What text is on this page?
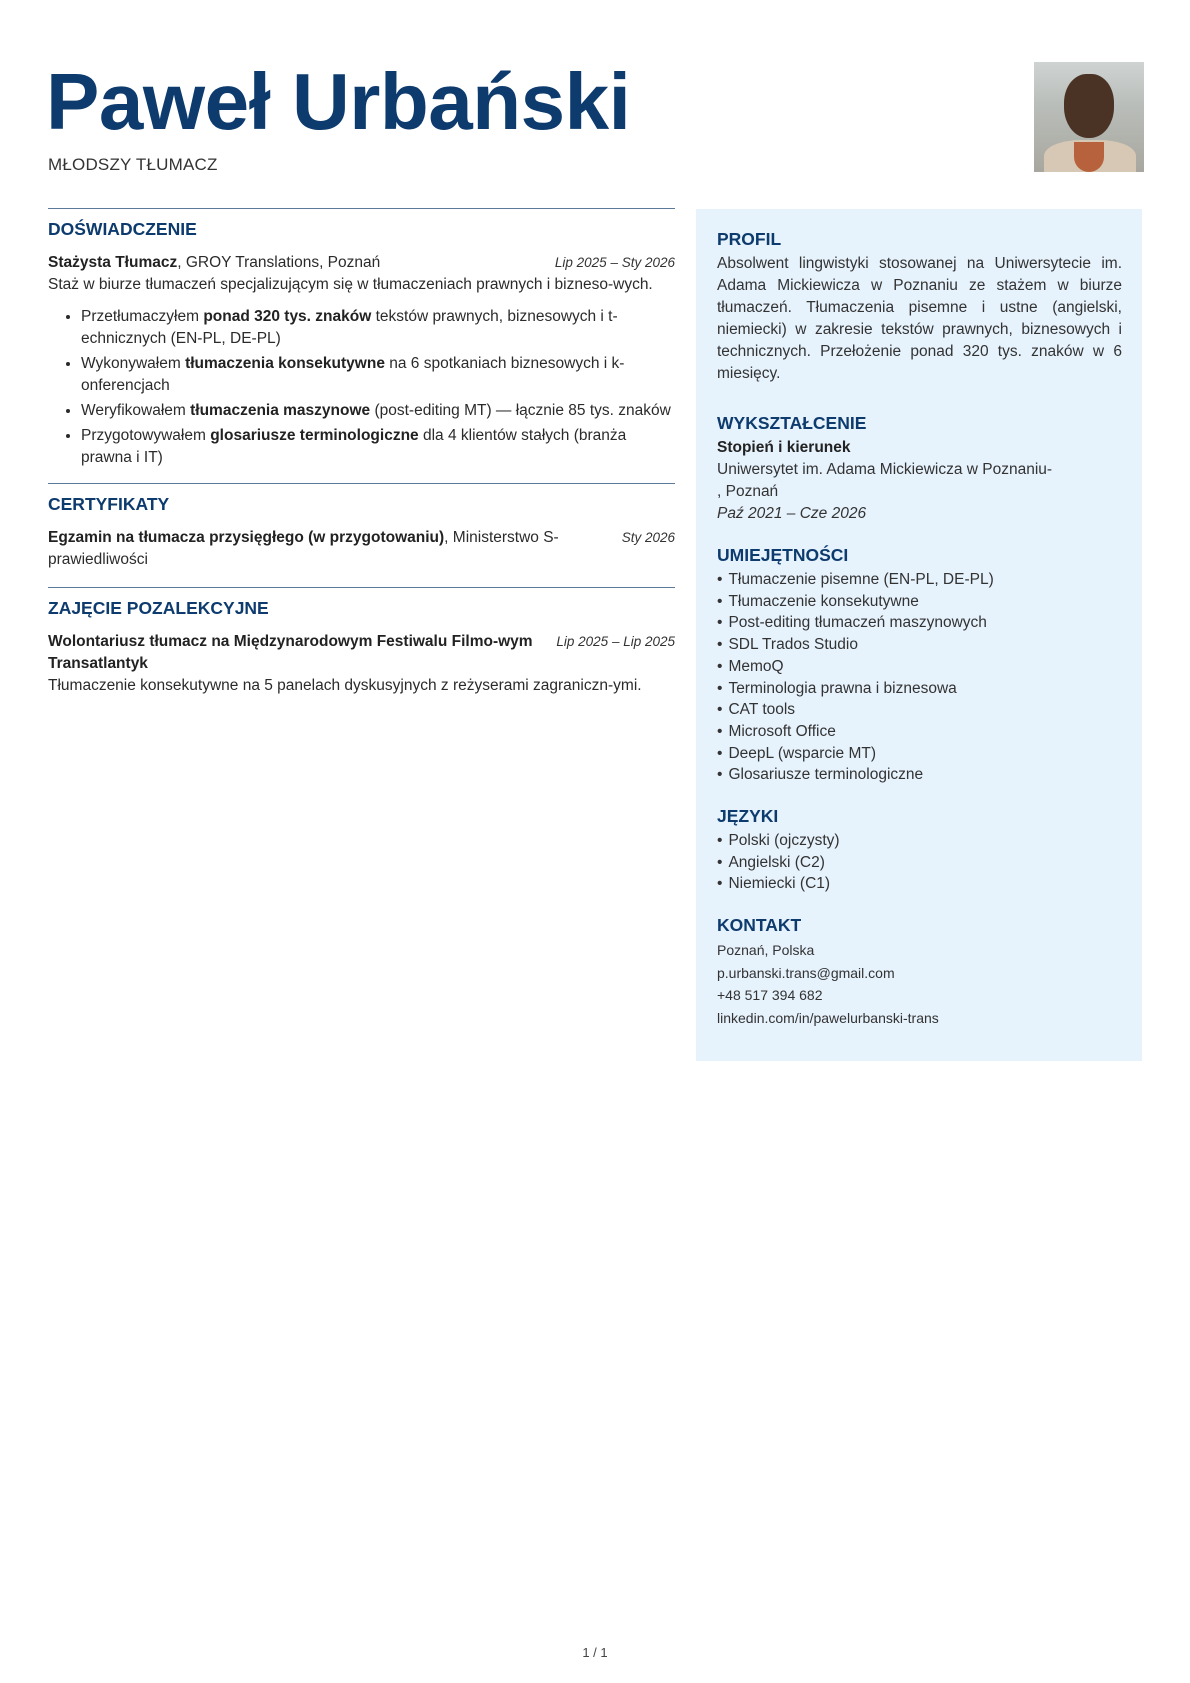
Paweł Urbański
MŁODSZY TŁUMACZ
DOŚWIADCZENIE
Stażysta Tłumacz, GROY Translations, Poznań	Lip 2025 – Sty 2026

Staż w biurze tłumaczeń specjalizującym się w tłumaczeniach prawnych i bizneso-wych.

• Przetłumaczyłem ponad 320 tys. znaków tekstów prawnych, biznesowych i t-echnicznych (EN-PL, DE-PL)
• Wykonywałem tłumaczenia konsekutywne na 6 spotkaniach biznesowych i k-onferencjach
• Weryfikowałem tłumaczenia maszynowe (post-editing MT) — łącznie 85 tys. znaków
• Przygotowywałem glosariusze terminologiczne dla 4 klientów stałych (branża prawna i IT)
CERTYFIKATY
Egzamin na tłumacza przysięgłego (w przygotowaniu), Ministerstwo S-prawiedliwości
Sty 2026
ZAJĘCIE POZALEKCYJNE
Wolontariusz tłumacz na Międzynarodowym Festiwalu Filmo-wym Transatlantyk
Lip 2025 – Lip 2025

Tłumaczenie konsekutywne na 5 panelach dyskusyjnych z reżyserami zagraniczn-ymi.

PROFIL

Absolwent lingwistyki stosowanej na Uniwersytecie im. Adama Mickiewicza w Poznaniu ze stażem w biurze tłumaczeń. Tłumaczenia pisemne i ustne (angielski, niemiecki) w zakresie tekstów prawnych, biznesowych i technicznych. Przełożenie ponad 320 tys. znaków w 6 miesięcy.

WYKSZTAŁCENIE
Stopień i kierunek
Uniwersytet im. Adama Mickiewicza w Poznaniu-
, Poznań
Paź 2021 – Cze 2026
UMIEJĘTNOŚCI
• Tłumaczenie pisemne (EN-PL, DE-PL)
• Tłumaczenie konsekutywne
• Post-editing tłumaczeń maszynowych
• SDL Trados Studio
• MemoQ
• Terminologia prawna i biznesowa
• CAT tools
• Microsoft Office
• DeepL (wsparcie MT)
• Glosariusze terminologiczne
JĘZYKI
• Polski (ojczysty)
• Angielski (C2)
• Niemiecki (C1)
KONTAKT
Poznań, Polska
p.urbanski.trans@gmail.com
+48 517 394 682
linkedin.com/in/pawelurbanski-trans
1 / 1
